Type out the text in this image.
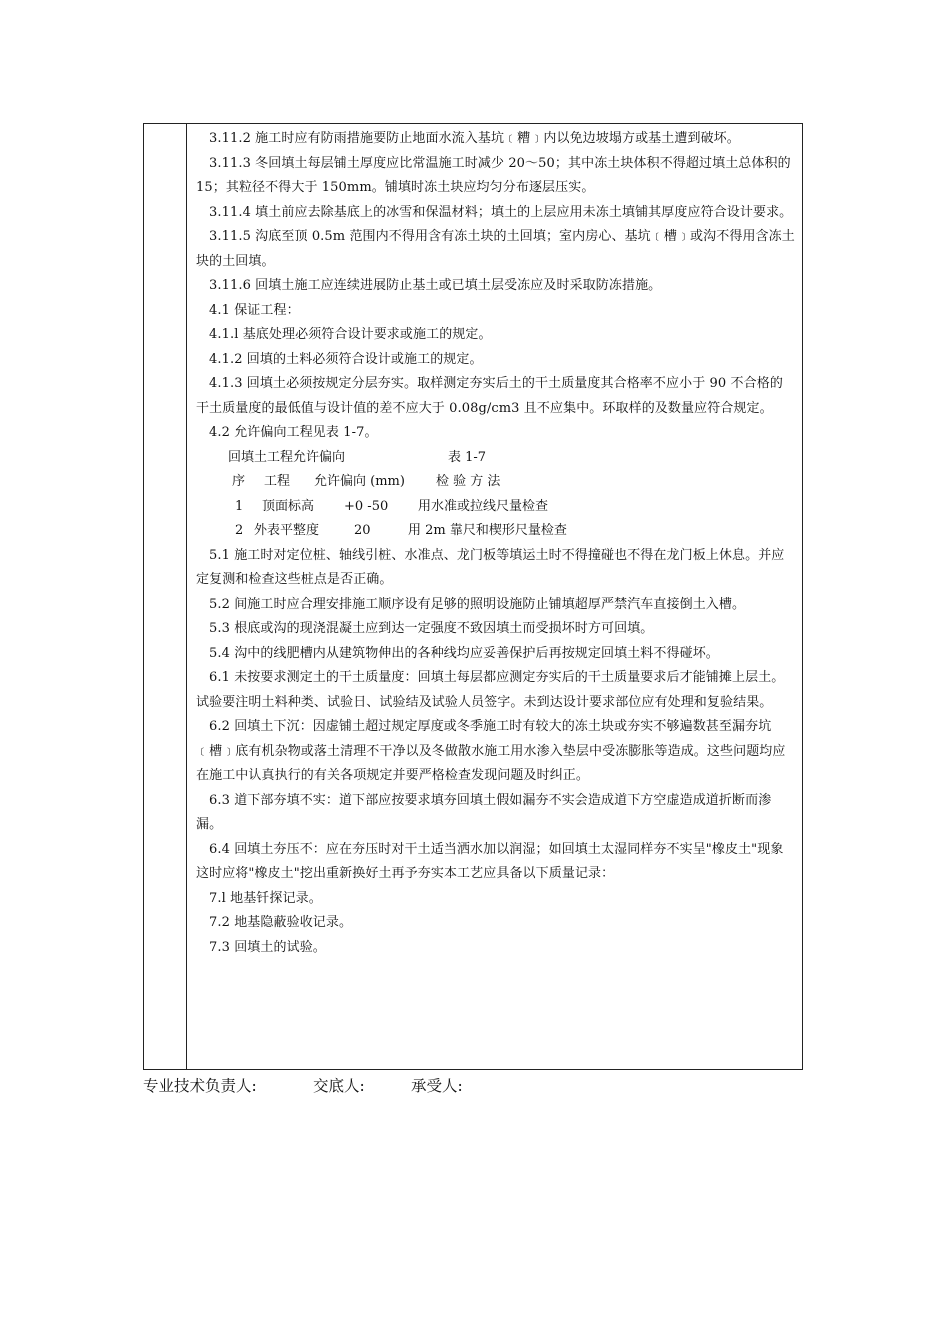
3.11.2 施工时应有防雨措施要防止地面水流入基坑﹝糟﹞内以免边坡塌方或基土遭到破坏。

3.11.3 冬回填土每层铺土厚度应比常温施工时减少 20～50；其中冻土块体积不得超过填土总体积的 15；其粒径不得大于 150mm。铺填时冻土块应均匀分布逐层压实。

3.11.4 填土前应去除基底上的冰雪和保温材料；填土的上层应用未冻土填铺其厚度应符合设计要求。

3.11.5 沟底至顶 0.5m 范围内不得用含有冻土块的土回填；室内房心、基坑﹝槽﹞或沟不得用含冻土块的土回填。

3.11.6 回填土施工应连续进展防止基土或已填土层受冻应及时采取防冻措施。

4.1 保证工程：

4.1.l 基底处理必须符合设计要求或施工的规定。

4.1.2 回填的土料必须符合设计或施工的规定。

4.1.3 回填土必须按规定分层夯实。取样测定夯实后土的干土质量度其合格率不应小于 90 不合格的干土质量度的最低值与设计值的差不应大于 0.08g/cm3 且不应集中。环取样的及数量应符合规定。

4.2 允许偏向工程见表 1-7。

回填土工程允许偏向	表 1-7
序 工程 允许偏向 (mm) 检 验 方 法
1 顶面标高 +0 -50 用水准或拉线尺量检查
2 外表平整度	20	用 2m 靠尺和楔形尺量检查

5.1 施工时对定位桩、轴线引桩、水准点、龙门板等填运土时不得撞碰也不得在龙门板上休息。并应定复测和检查这些桩点是否正确。

5.2 间施工时应合理安排施工顺序设有足够的照明设施防止铺填超厚严禁汽车直接倒土入槽。

5.3 根底或沟的现浇混凝土应到达一定强度不致因填土而受损坏时方可回填。

5.4 沟中的线肥槽内从建筑物伸出的各种线均应妥善保护后再按规定回填土料不得碰坏。

6.1 未按要求测定土的干土质量度：回填土每层都应测定夯实后的干土质量要求后才能铺摊上层土。试验要注明土料种类、试验日、试验结及试验人员签字。未到达设计要求部位应有处理和复验结果。

6.2 回填土下沉：因虚铺土超过规定厚度或冬季施工时有较大的冻土块或夯实不够遍数甚至漏夯坑﹝槽﹞底有机杂物或落土清理不干净以及冬做散水施工用水渗入垫层中受冻膨胀等造成。这些问题均应在施工中认真执行的有关各项规定并要严格检查发现问题及时纠正。

6.3 道下部夯填不实：道下部应按要求填夯回填土假如漏夯不实会造成道下方空虚造成道折断而渗漏。

6.4 回填土夯压不：应在夯压时对干土适当洒水加以润湿；如回填土太湿同样夯不实呈"橡皮土"现象这时应将"橡皮土"挖出重新换好土再予夯实本工艺应具备以下质量记录：

7.l 地基钎探记录。

7.2 地基隐蔽验收记录。

7.3 回填土的试验。

专业技术负责人:	交底人:	承受人:
